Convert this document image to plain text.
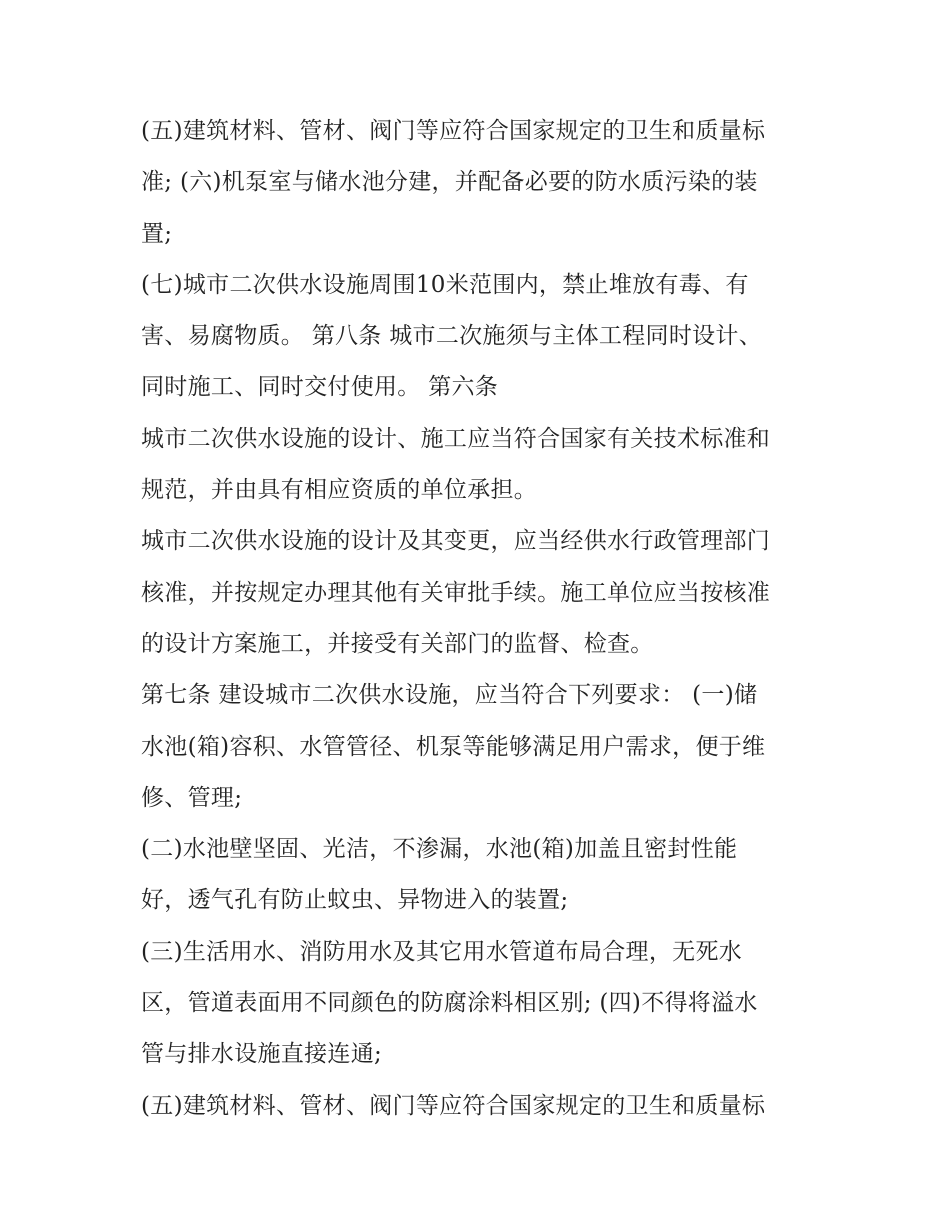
(五)建筑材料、管材、阀门等应符合国家规定的卫生和质量标
准; (六)机泵室与储水池分建，并配备必要的防水质污染的装
置;
(七)城市二次供水设施周围10米范围内，禁止堆放有毒、有
害、易腐物质。 第八条 城市二次施须与主体工程同时设计、
同时施工、同时交付使用。 第六条
城市二次供水设施的设计、施工应当符合国家有关技术标准和
规范，并由具有相应资质的单位承担。
城市二次供水设施的设计及其变更，应当经供水行政管理部门
核准，并按规定办理其他有关审批手续。施工单位应当按核准
的设计方案施工，并接受有关部门的监督、检查。
第七条 建设城市二次供水设施，应当符合下列要求： (一)储
水池(箱)容积、水管管径、机泵等能够满足用户需求，便于维
修、管理;
(二)水池壁坚固、光洁，不渗漏，水池(箱)加盖且密封性能
好，透气孔有防止蚊虫、异物进入的装置;
(三)生活用水、消防用水及其它用水管道布局合理，无死水
区，管道表面用不同颜色的防腐涂料相区别; (四)不得将溢水
管与排水设施直接连通;
(五)建筑材料、管材、阀门等应符合国家规定的卫生和质量标
